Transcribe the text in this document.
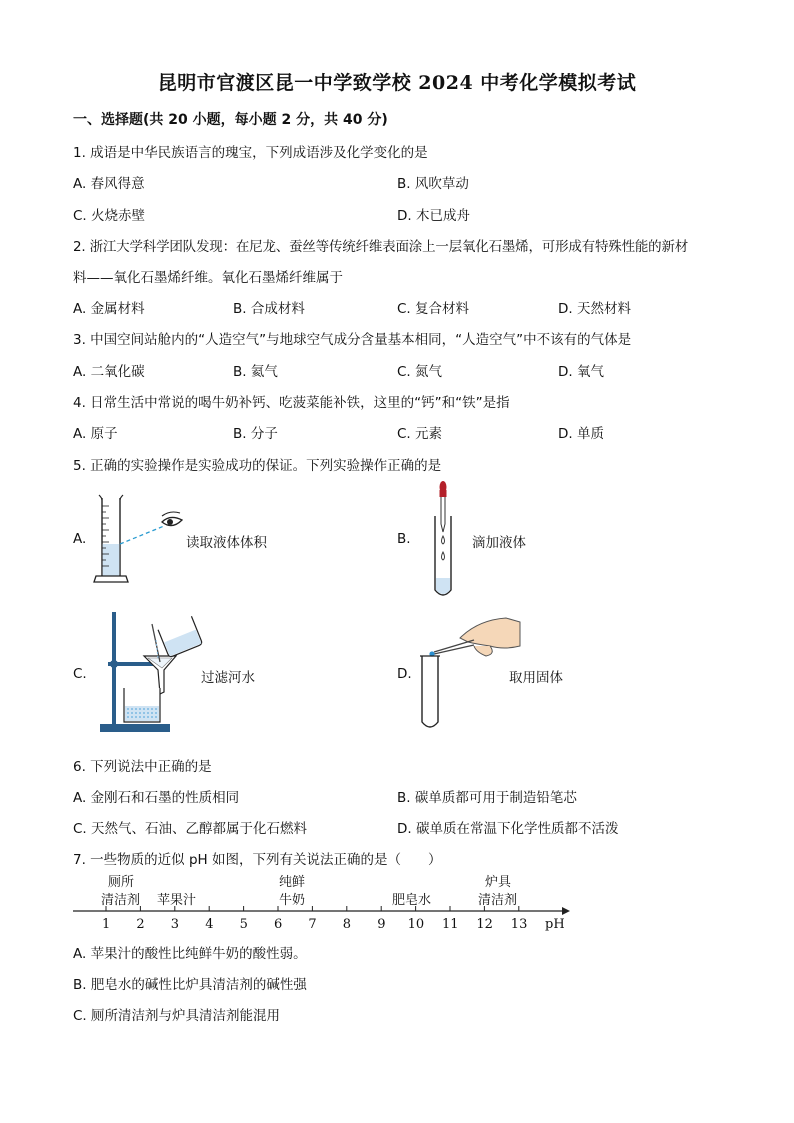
昆明市官渡区昆一中学致学校 2024 中考化学模拟考试
一、选择题(共 20 小题，每小题 2 分，共 40 分)
1. 成语是中华民族语言的瑰宝，下列成语涉及化学变化的是
A. 春风得意	B. 风吹草动
C. 火烧赤壁	D. 木已成舟
2. 浙江大学科学团队发现：在尼龙、蚕丝等传统纤维表面涂上一层氧化石墨烯，可形成有特殊性能的新材
料——氧化石墨烯纤维。氧化石墨烯纤维属于
A. 金属材料	B. 合成材料	C. 复合材料	D. 天然材料
3. 中国空间站舱内的“人造空气”与地球空气成分含量基本相同，“人造空气”中不该有的气体是
A. 二氧化碳	B. 氦气	C. 氮气	D. 氧气
4. 日常生活中常说的喝牛奶补钙、吃菠菜能补铁，这里的“钙”和“铁”是指
A. 原子	B. 分子	C. 元素	D. 单质
5. 正确的实验操作是实验成功的保证。下列实验操作正确的是
A.	读取液体体积	B.	滴加液体
C.	过滤河水	D.	取用固体
6. 下列说法中正确的是
A. 金刚石和石墨的性质相同	B. 碳单质都可用于制造铅笔芯
C. 天然气、石油、乙醇都属于化石燃料	D. 碳单质在常温下化学性质都不活泼
7. 一些物质的近似 pH 如图，下列有关说法正确的是（　　）
厕所
清洁剂 苹果汁
纯鲜
牛奶	肥皂水
炉具
清洁剂
1 2 3 4 5 6 7 8 9 10 11 12 13 pH
A. 苹果汁的酸性比纯鲜牛奶的酸性弱。
B. 肥皂水的碱性比炉具清洁剂的碱性强
C. 厕所清洁剂与炉具清洁剂能混用
